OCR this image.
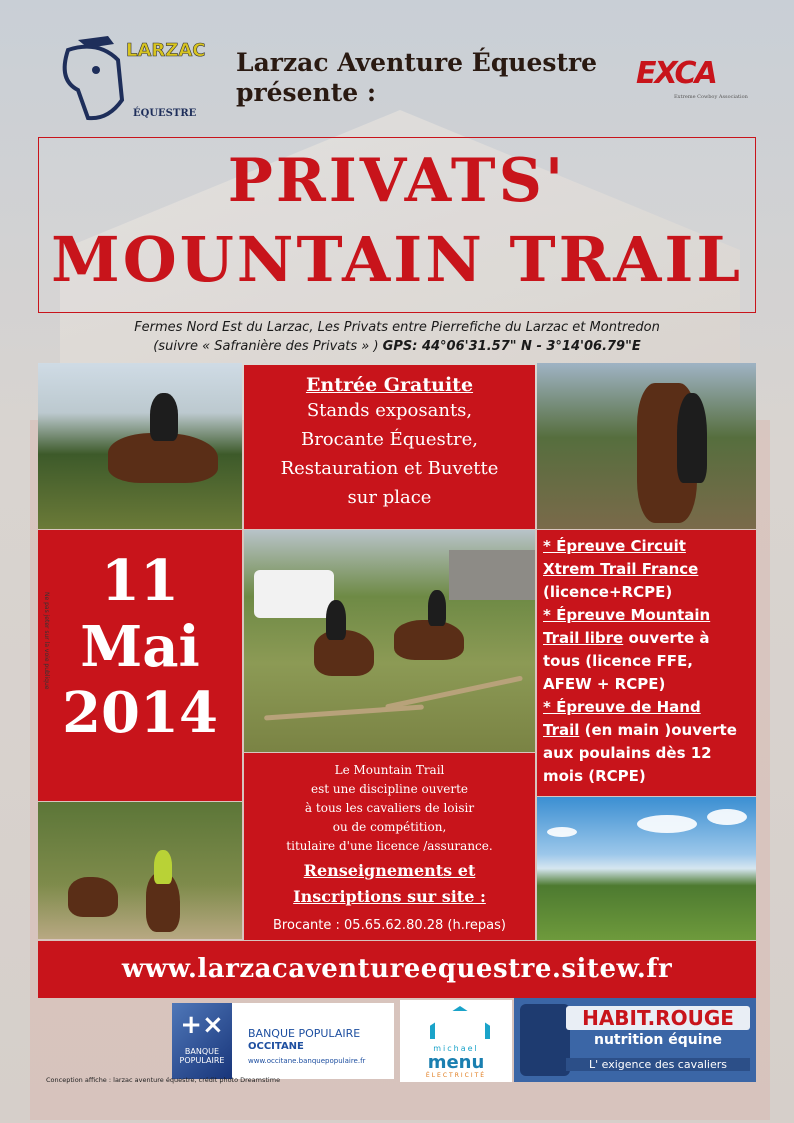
LARZAC
ÉQUESTRE
Larzac Aventure Équestre
présente :
EXCA
Extreme Cowboy Association
PRIVATS'
MOUNTAIN TRAIL
Fermes Nord Est du Larzac, Les Privats entre Pierrefiche du Larzac et Montredon
(suivre « Safranière des Privats » ) GPS: 44°06'31.57" N - 3°14'06.79"E
Entrée Gratuite
Stands exposants,
Brocante Équestre,
Restauration et Buvette
sur place
11
Mai
2014
Ne pas jeter sur la voie publique
* Épreuve Circuit
Xtrem Trail France
(licence+RCPE)
* Épreuve Mountain
Trail libre ouverte à
tous (licence FFE,
AFEW + RCPE)
* Épreuve de Hand
Trail (en main )ouverte
aux poulains dès 12
mois (RCPE)
Le Mountain Trail
est une discipline ouverte
à tous les cavaliers de loisir
ou de compétition,
titulaire d'une licence /assurance.
Renseignements et
Inscriptions sur site :
Brocante : 05.65.62.80.28 (h.repas)
www.larzacaventureequestre.sitew.fr
+×
BANQUE POPULAIRE
BANQUE POPULAIRE
OCCITANE
www.occitane.banquepopulaire.fr
michael
menu
ÉLECTRICITÉ
HABIT.ROUGE
nutrition équine
L' exigence des cavaliers
Conception affiche : larzac aventure équestre, crédit photo Dreamstime
